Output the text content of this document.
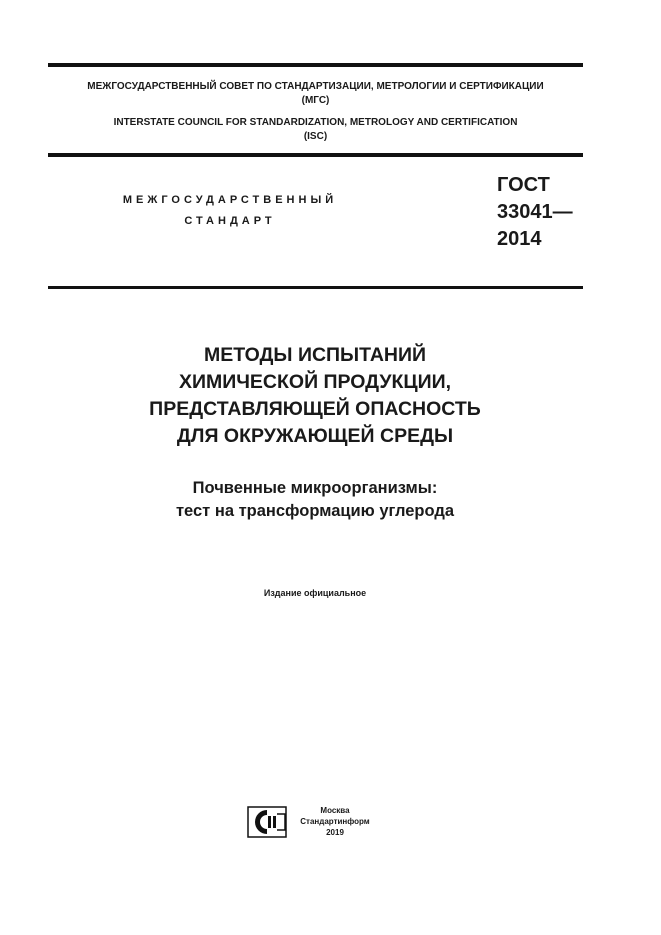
МЕЖГОСУДАРСТВЕННЫЙ СОВЕТ ПО СТАНДАРТИЗАЦИИ, МЕТРОЛОГИИ И СЕРТИФИКАЦИИ
(МГС)
INTERSTATE COUNCIL FOR STANDARDIZATION, METROLOGY AND CERTIFICATION
(ISC)
МЕЖГОСУДАРСТВЕННЫЙ
СТАНДАРТ
ГОСТ
33041—
2014
МЕТОДЫ ИСПЫТАНИЙ
ХИМИЧЕСКОЙ ПРОДУКЦИИ,
ПРЕДСТАВЛЯЮЩЕЙ ОПАСНОСТЬ
ДЛЯ ОКРУЖАЮЩЕЙ СРЕДЫ
Почвенные микроорганизмы:
тест на трансформацию углерода
Издание официальное
Москва
Стандартинформ
2019
